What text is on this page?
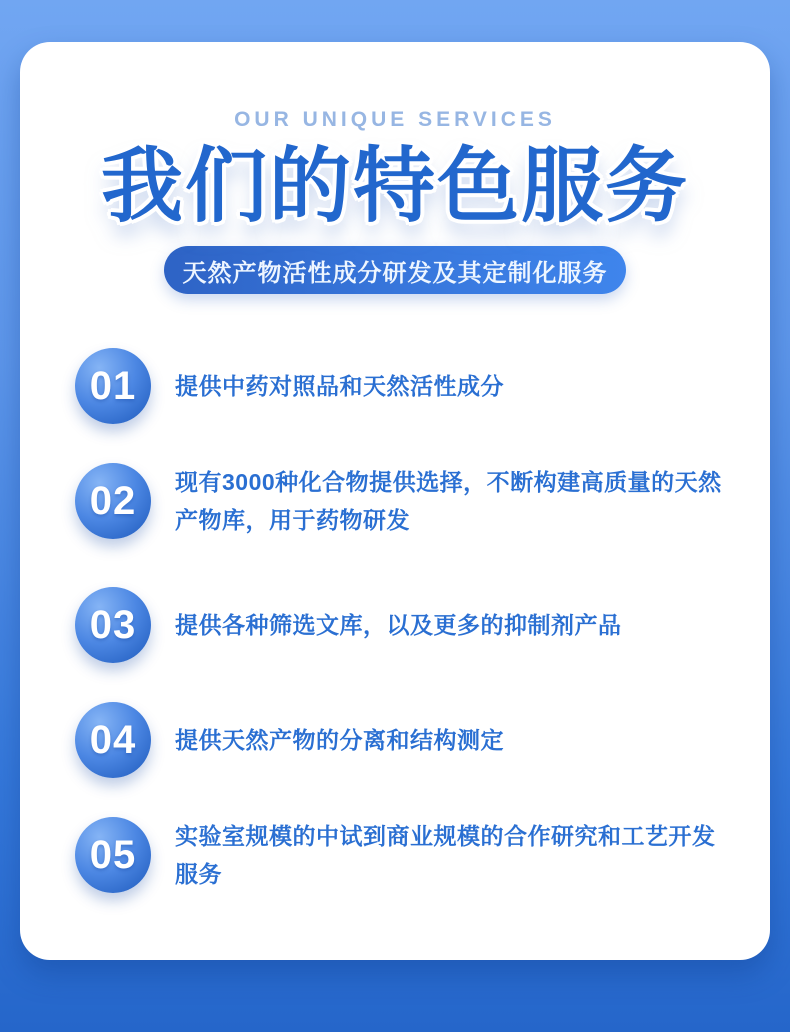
OUR UNIQUE SERVICES
我们的特色服务
天然产物活性成分研发及其定制化服务
01 提供中药对照品和天然活性成分
02 现有3000种化合物提供选择，不断构建高质量的天然产物库，用于药物研发
03 提供各种筛选文库，以及更多的抑制剂产品
04 提供天然产物的分离和结构测定
05 实验室规模的中试到商业规模的合作研究和工艺开发服务
